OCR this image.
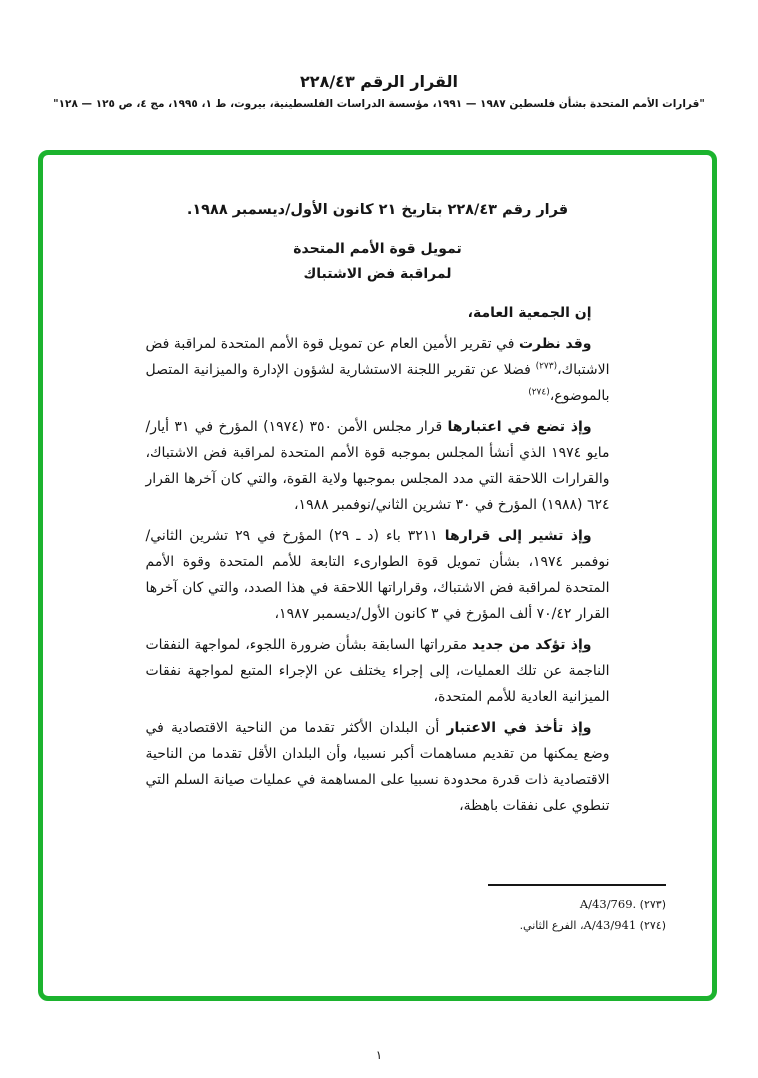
القرار الرقم ٢٢٨/٤٣
"قرارات الأمم المتحدة بشأن فلسطين ١٩٨٧ — ١٩٩١، مؤسسة الدراسات الفلسطينية، بيروت، ط ١، ١٩٩٥، مج ٤، ص ١٢٥ — ١٢٨"
قرار رقم ٢٢٨/٤٣ بتاريخ ٢١ كانون الأول/ديسمبر ١٩٨٨.
تمويل قوة الأمم المتحدة
لمراقبة فض الاشتباك

إن الجمعية العامة،

وقد نظرت في تقرير الأمين العام عن تمويل قوة الأمم المتحدة لمراقبة فض الاشتباك،$^{(٢٧٣)}$ فضلا عن تقرير اللجنة الاستشارية لشؤون الإدارة والميزانية المتصل بالموضوع،$^{(٢٧٤)}$

وإذ تضع في اعتبارها قرار مجلس الأمن ٣٥٠ (١٩٧٤) المؤرخ في ٣١ أيار/مايو ١٩٧٤ الذي أنشأ المجلس بموجبه قوة الأمم المتحدة لمراقبة فض الاشتباك، والقرارات اللاحقة التي مدد المجلس بموجبها ولاية القوة، والتي كان آخرها القرار ٦٢٤ (١٩٨٨) المؤرخ في ٣٠ تشرين الثاني/نوفمبر ١٩٨٨،

وإذ تشير إلى قرارها ٣٢١١ باء (د ـ ٢٩) المؤرخ في ٢٩ تشرين الثاني/نوفمبر ١٩٧٤، بشأن تمويل قوة الطوارىء التابعة للأمم المتحدة وقوة الأمم المتحدة لمراقبة فض الاشتباك، وقراراتها اللاحقة في هذا الصدد، والتي كان آخرها القرار ٧٠/٤٢ ألف المؤرخ في ٣ كانون الأول/ديسمبر ١٩٨٧،

وإذ تؤكد من جديد مقرراتها السابقة بشأن ضرورة اللجوء، لمواجهة النفقات الناجمة عن تلك العمليات، إلى إجراء يختلف عن الإجراء المتبع لمواجهة نفقات الميزانية العادية للأمم المتحدة،

وإذ تأخذ في الاعتبار أن البلدان الأكثر تقدما من الناحية الاقتصادية في وضع يمكنها من تقديم مساهمات أكبر نسبيا، وأن البلدان الأقل تقدما من الناحية الاقتصادية ذات قدرة محدودة نسبيا على المساهمة في عمليات صيانة السلم التي تنطوي على نفقات باهظة،

(٢٧٣) A/43/769.
(٢٧٤) A/43/941، الفرع الثاني.
١
